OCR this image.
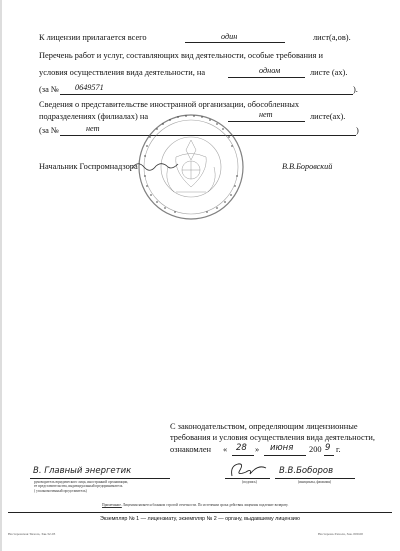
К лицензии прилагается всего	один	лист(а,ов).
Перечень работ и услуг, составляющих вид деятельности, особые требования и
условия осуществления вида деятельности, на	одном	листе (ах).
(за № 0649571	).
Сведения о представительстве иностранной организации, обособленных
подразделениях (филиалах) на	нет	листе(ах).
(за №	нет	)
Начальник Госпромнадзора	В.В.Боровский
С законодательством, определяющим лицензионные
требования и условия осуществления вида деятельности,
ознакомлен « 28 » июня 200 9 г.
В. Главный энергетик	В.В.Боборов
руководитель юридического лица, иностранной организации,
ее представительства, индивидуальный предприниматель
( уполномоченный представитель)
(подпись)	(инициалы, фамилия)
Примечание. Лицензия является бланком строгой отчетности. По истечении срока действия лицензия подлежит возврату.
Экземпляр № 1 — лицензиату, экземпляр № 2 — органу, выдавшему лицензию
Нестеровская Тизола, Зак.32-03	Нестерова-Тизола, Зак. 000.00
